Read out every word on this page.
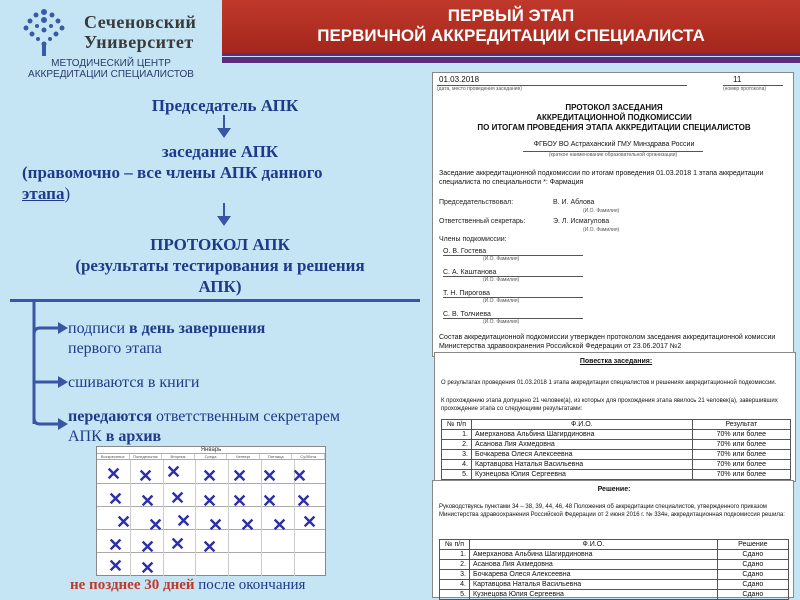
ПЕРВЫЙ ЭТАП
ПЕРВИЧНОЙ АККРЕДИТАЦИИ СПЕЦИАЛИСТА
Сеченовский
Университет
МЕТОДИЧЕСКИЙ ЦЕНТР
АККРЕДИТАЦИИ СПЕЦИАЛИСТОВ
Председатель АПК
заседание АПК
(правомочно – все члены АПК данного
этапа)
ПРОТОКОЛ АПК
(результаты тестирования и решения
АПК)
подписи в день завершения
первого этапа
сшиваются в книги
передаются ответственным секретарем
АПК в архив
Январь
Воскресенье	Понедельник	Вторник	Среда	Четверг	Пятница	Суббота
✕ ✕ ✕ ✕ ✕ ✕ ✕
✕ ✕ ✕ ✕ ✕ ✕ ✕
✕ ✕ ✕ ✕ ✕ ✕ ✕
✕ ✕ ✕ ✕
✕ ✕
не позднее 30 дней после окончания
01.03.2018
(дата, место проведения заседания)
11
(номер протокола)
ПРОТОКОЛ ЗАСЕДАНИЯ
АККРЕДИТАЦИОННОЙ ПОДКОМИССИИ
ПО ИТОГАМ ПРОВЕДЕНИЯ ЭТАПА АККРЕДИТАЦИИ СПЕЦИАЛИСТОВ
ФГБОУ ВО Астраханский ГМУ Минздрава России
(краткое наименование образовательной организации)
Заседание аккредитационной подкомиссии по итогам проведения 01.03.2018 1 этапа аккредитации специалиста по специальности *: Фармация
Председательствовал:	В. И. Аблова
(И.О. Фамилия)
Ответственный секретарь:	Э. Л. Исмагулова
(И.О. Фамилия)
Члены подкомиссии:
О. В. Гостева
(И.О. Фамилия)
С. А. Каштанова
(И.О. Фамилия)
Т. Н. Пирогова
(И.О. Фамилия)
С. В. Толчиева
(И.О. Фамилия)
Состав аккредитационной подкомиссии утвержден протоколом заседания аккредитационной комиссии Министерства здравоохранения Российской Федерации от 23.06.2017 №2
Повестка заседания:
О результатах проведения 01.03.2018 1 этапа аккредитации специалистов и решениях аккредитационной подкомиссии.
К прохождению этапа допущено 21 человек(а), из которых для прохождения этапа явилось 21 человек(а), завершивших прохождение этапа со следующими результатами:
№ п/п	Ф.И.О.	Результат
1.	Амерханова Альбина Шагирдиновна	70% или более
2.	Асанова Лия Ахмедовна	70% или более
3.	Бочкарева Олеся Алексеевна	70% или более
4.	Картавцова Наталья Васильевна	70% или более
5.	Кузнецова Юлия Сергеевна	70% или более
Решение:
Руководствуясь пунктами 34 – 38, 39, 44, 46, 48 Положения об аккредитации специалистов, утвержденного приказом Министерства здравоохранения Российской Федерации от 2 июня 2016 г. № 334н, аккредитационная подкомиссия решила:
№ п/п	Ф.И.О.	Решение
1.	Амерханова Альбина Шагирдиновна	Сдано
2.	Асанова Лия Ахмедовна	Сдано
3.	Бочкарева Олеся Алексеевна	Сдано
4.	Картавцова Наталья Васильевна	Сдано
5.	Кузнецова Юлия Сергеевна	Сдано
